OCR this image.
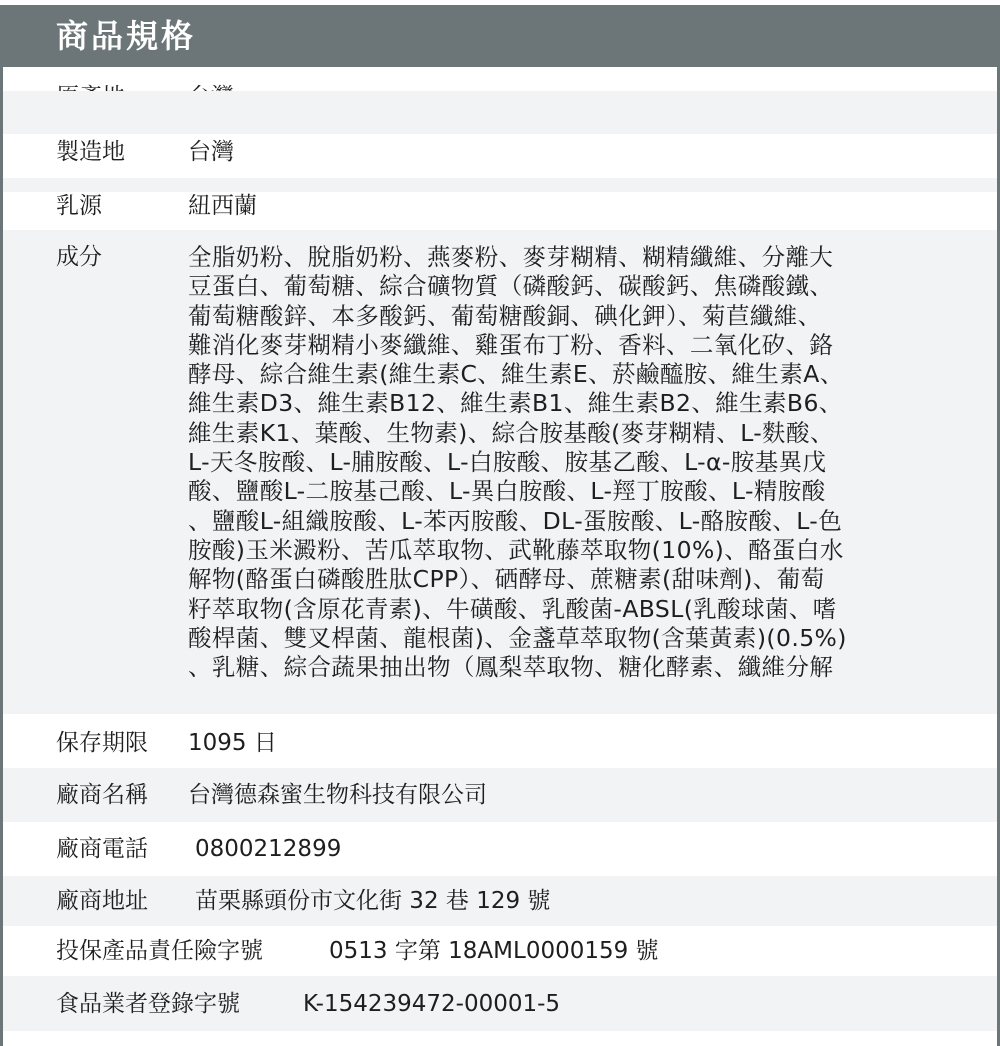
商品規格
製造地	台灣
乳源	紐西蘭
成分	全脂奶粉、脫脂奶粉、燕麥粉、麥芽糊精、糊精纖維、分離大
豆蛋白、葡萄糖、綜合礦物質（磷酸鈣、碳酸鈣、焦磷酸鐵、
葡萄糖酸鋅、本多酸鈣、葡萄糖酸銅、碘化鉀）、菊苣纖維、
難消化麥芽糊精小麥纖維、雞蛋布丁粉、香料、二氧化矽、鉻
酵母、綜合維生素(維生素C、維生素E、菸鹼醯胺、維生素A、
維生素D3、維生素B12、維生素B1、維生素B2、維生素B6、
維生素K1、葉酸、生物素)、綜合胺基酸(麥芽糊精、L-麩酸、
L-天冬胺酸、L-脯胺酸、L-白胺酸、胺基乙酸、L-α-胺基異戊
酸、鹽酸L-二胺基己酸、L-異白胺酸、L-羥丁胺酸、L-精胺酸
、鹽酸L-組織胺酸、L-苯丙胺酸、DL-蛋胺酸、L-酪胺酸、L-色
胺酸)玉米澱粉、苦瓜萃取物、武靴藤萃取物(10%)、酪蛋白水
解物(酪蛋白磷酸胜肽CPP）、硒酵母、蔗糖素(甜味劑)、葡萄
籽萃取物(含原花青素)、牛磺酸、乳酸菌-ABSL(乳酸球菌、嗜
酸桿菌、雙叉桿菌、龍根菌)、金盞草萃取物(含葉黃素)(0.5%)
、乳糖、綜合蔬果抽出物（鳳梨萃取物、糖化酵素、纖維分解
保存期限 1095 日
廠商名稱 台灣德森蜜生物科技有限公司
廠商電話 0800212899
廠商地址 苗栗縣頭份市文化街 32 巷 129 號
投保產品責任險字號	0513 字第 18AML0000159 號
食品業者登錄字號	K-154239472-00001-5
